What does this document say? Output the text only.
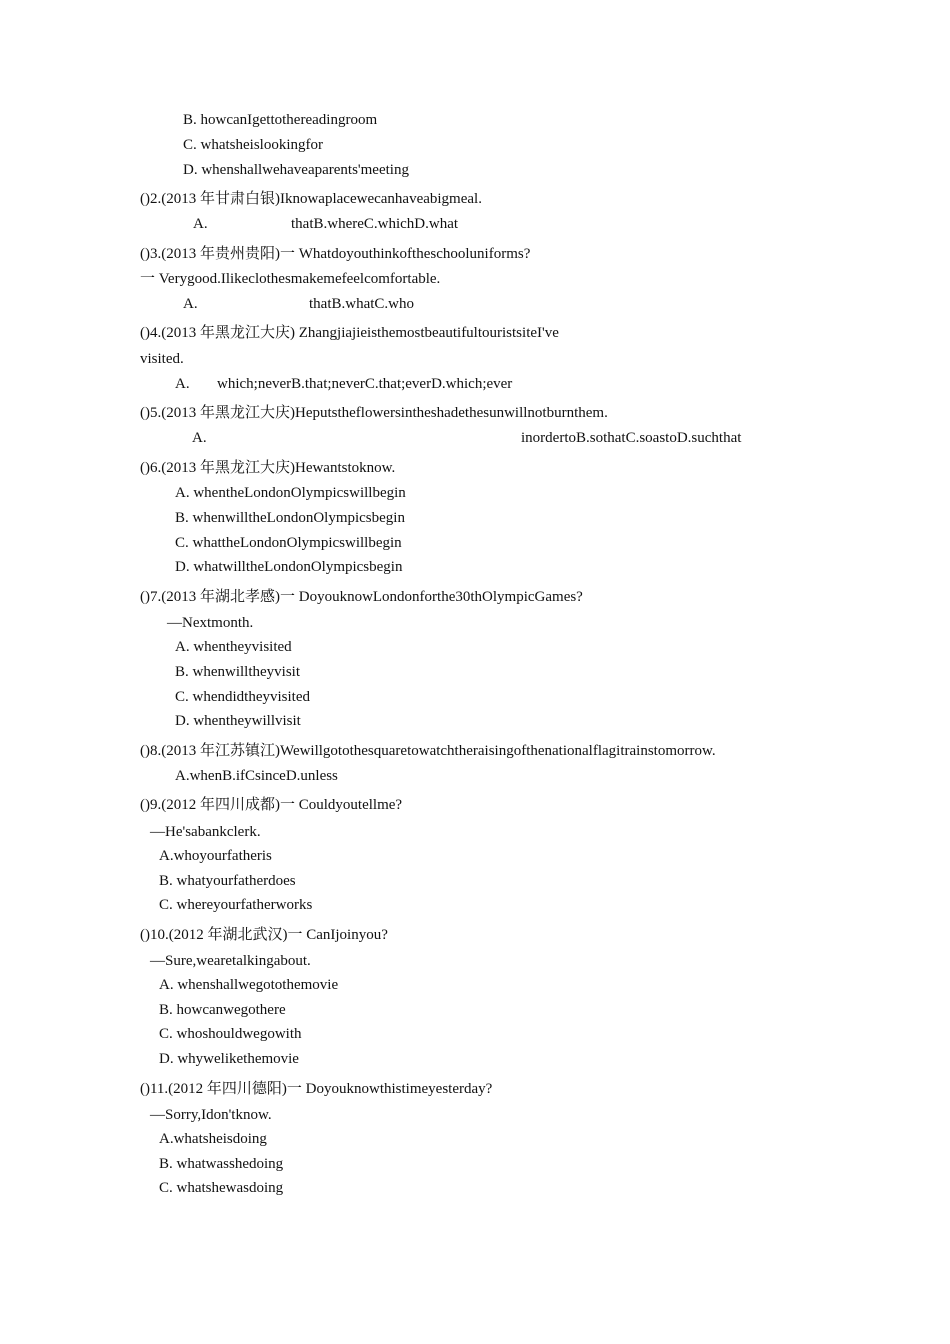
B. howcanIgettothereadingroom
C. whatsheislookingfor
D. whenshallwehaveaparents'meeting
()2.(2013 年甘肃白银)Iknowaplacewecanhaveabigmeal.
A.	thatB.whereC.whichD.what
()3.(2013 年贵州贵阳)一 Whatdoyouthinkoftheschooluniforms?
一 Verygood.Ilikeclothesmakemefeelcomfortable.
A.	thatB.whatC.who
()4.(2013 年黑龙江大庆) ZhangjiajieisthemostbeautifultouristsiteI've
visited.
A. which;neverB.that;neverC.that;everD.which;ever
()5.(2013 年黑龙江大庆)Heputstheflowersintheshadethesunwillnotburnthem.
A.	inordertoB.sothatC.soastoD.suchthat
()6.(2013 年黑龙江大庆)Hewantstoknow.
A. whentheLondonOlympicswillbegin
B. whenwilltheLondonOlympicsbegin
C. whattheLondonOlympicswillbegin
D. whatwilltheLondonOlympicsbegin
()7.(2013 年湖北孝感)一 DoyouknowLondonforthe30thOlympicGames?
—Nextmonth.
A. whentheyvisited
B. whenwilltheyvisit
C. whendidtheyvisited
D. whentheywillvisit
()8.(2013 年江苏镇江)Wewillgotothesquaretowatchtheraisingofthenationalflagitrainstomorrow.
A.whenB.ifCsinceD.unless
()9.(2012 年四川成都)一 Couldyoutellme?
—He'sabankclerk.
A.whoyourfatheris
B. whatyourfatherdoes
C. whereyourfatherworks
()10.(2012 年湖北武汉)一 CanIjoinyou?
—Sure,wearetalkingabout.
A. whenshallwegotothemovie
B. howcanwegothere
C. whoshouldwegowith
D. whywelikethemovie
()11.(2012 年四川德阳)一 Doyouknowthistimeyesterday?
—Sorry,Idon'tknow.
A.whatsheisdoing
B. whatwasshedoing
C. whatshewasdoing
